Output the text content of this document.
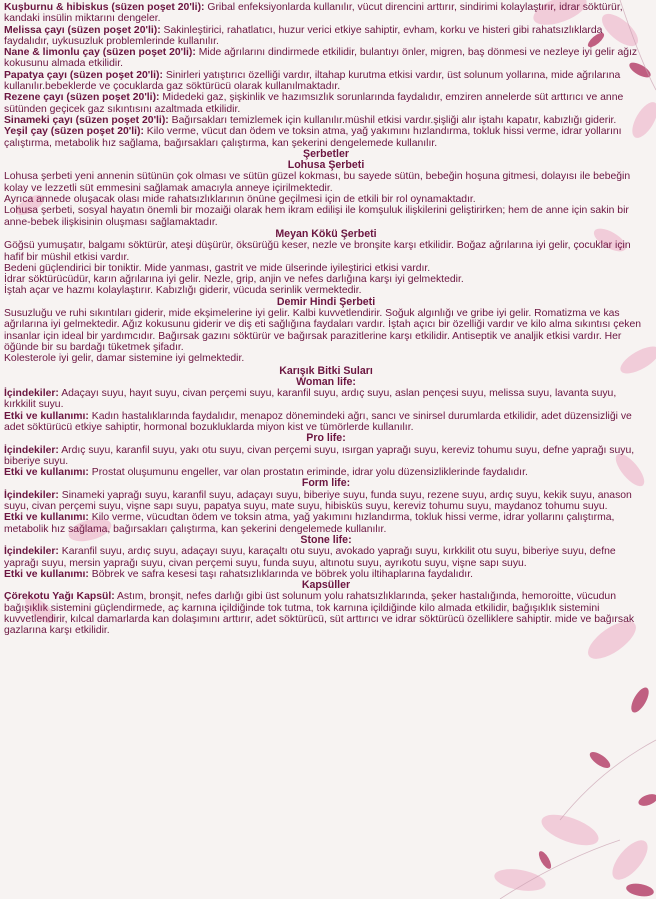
Kuşburnu & hibiskus (süzen poşet 20'li): Gribal enfeksiyonlarda kullanılır, vücut direncini arttırır, sindirimi kolaylaştırır, idrar söktürür, kandaki insülin miktarını dengeler.

Melissa çayı (süzen poşet 20'li): Sakinleştirici, rahatlatıcı, huzur verici etkiye sahiptir, evham, korku ve histeri gibi rahatsızlıklarda faydalıdır, uykusuzluk problemlerinde kullanılır.

Nane & limonlu çay (süzen poşet 20'li): Mide ağrılarını dindirmede etkilidir, bulantıyı önler, migren, baş dönmesi ve nezleye iyi gelir ağız kokusunu almada etkilidir.

Papatya çayı (süzen poşet 20'li): Sinirleri yatıştırıcı özelliği vardır, iltahap kurutma etkisi vardır, üst solunum yollarına, mide ağrılarına kullanılır.bebeklerde ve çocuklarda gaz söktürücü olarak kullanılmaktadır.

Rezene çayı (süzen poşet 20'li): Midedeki gaz, şişkinlik ve hazımsızlık sorunlarında faydalıdır, emziren annelerde süt arttırıcı ve anne sütünden geçicek gaz sıkıntısını azaltmada etkilidir.

Sinameki çayı (süzen poşet 20'li): Bağırsakları temizlemek için kullanılır.müshil etkisi vardır.şişliği alır iştahı kapatır, kabızlığı giderir.

Yeşil çay (süzen poşet 20'li): Kilo verme, vücut dan ödem ve toksin atma, yağ yakımını hızlandırma, tokluk hissi verme, idrar yollarını çalıştırma, metabolik hız sağlama, bağırsakları çalıştırma, kan şekerini dengelemede kullanılır.

Şerbetler

Lohusa Şerbeti

Lohusa şerbeti yeni annenin sütünün çok olması ve sütün güzel kokması, bu sayede sütün, bebeğin hoşuna gitmesi, dolayısı ile bebeğin kolay ve lezzetli süt emmesini sağlamak amacıyla anneye içirilmektedir.

Ayrıca annede oluşacak olası mide rahatsızlıklarının önüne geçilmesi için de etkili bir rol oynamaktadır.

Lohusa şerbeti, sosyal hayatın önemli bir mozaiği olarak hem ikram edilişi ile komşuluk ilişkilerini geliştirirken; hem de anne için sakin bir anne-bebek ilişkisinin oluşması sağlamaktadır.

Meyan Kökü Şerbeti

Göğsü yumuşatır, balgamı söktürür, ateşi düşürür, öksürüğü keser, nezle ve bronşite karşı etkilidir. Boğaz ağrılarına iyi gelir, çocuklar için hafif bir müshil etkisi vardır.

Bedeni güçlendirici bir toniktir. Mide yanması, gastrit ve mide ülserinde iyileştirici etkisi vardır.

İdrar söktürücüdür, karın ağrılarına iyi gelir. Nezle, grip, anjin ve nefes darlığına karşı iyi gelmektedir.

İştah açar ve hazmı kolaylaştırır. Kabızlığı giderir, vücuda serinlik vermektedir.

Demir Hindi Şerbeti

Susuzluğu ve ruhi sıkıntıları giderir, mide ekşimelerine iyi gelir. Kalbi kuvvetlendirir. Soğuk algınlığı ve gribe iyi gelir. Romatizma ve kas ağrılarına iyi gelmektedir. Ağız kokusunu giderir ve diş eti sağlığına faydaları vardır. İştah açıcı bir özelliği vardır ve kilo alma sıkıntısı çeken insanlar için ideal bir yardımcıdır. Bağırsak gazını söktürür ve bağırsak parazitlerine karşı etkilidir. Antiseptik ve analjik etkisi vardır. Her öğünde bir su bardağı tüketmek şifadır.

Kolesterole iyi gelir, damar sistemine iyi gelmektedir.

Karışık Bitki Suları

Woman life:

İçindekiler: Adaçayı suyu, hayıt suyu, civan perçemi suyu, karanfil suyu, ardıç suyu, aslan pençesi suyu, melissa suyu, lavanta suyu, kırkkilit suyu.

Etki ve kullanımı: Kadın hastalıklarında faydalıdır, menapoz dönemindeki ağrı, sancı ve sinirsel durumlarda etkilidir, adet düzensizliği ve adet söktürücü etkiye sahiptir, hormonal bozukluklarda miyon kist ve tümörlerde kullanılır.

Pro life:

İçindekiler: Ardıç suyu, karanfil suyu, yakı otu suyu, civan perçemi suyu, ısırgan yaprağı suyu, kereviz tohumu suyu, defne yaprağı suyu, biberiye suyu.

Etki ve kullanımı: Prostat oluşumunu engeller, var olan prostatın eriminde, idrar yolu düzensizliklerinde faydalıdır.

Form life:

İçindekiler: Sinameki yaprağı suyu, karanfil suyu, adaçayı suyu, biberiye suyu, funda suyu, rezene suyu, ardıç suyu, kekik suyu, anason suyu, civan perçemi suyu, vişne sapı suyu, papatya suyu, mate suyu, hibisküs suyu, kereviz tohumu suyu, maydanoz tohumu suyu.

Etki ve kullanımı: Kilo verme, vücudtan ödem ve toksin atma, yağ yakımını hızlandırma, tokluk hissi verme, idrar yollarını çalıştırma, metabolik hız sağlama, bağırsakları çalıştırma, kan şekerini dengelemede kullanılır.

Stone life:

İçindekiler: Karanfil suyu, ardıç suyu, adaçayı suyu, karaçaltı otu suyu, avokado yaprağı suyu, kırkkilit otu suyu, biberiye suyu, defne yaprağı suyu, mersin yaprağı suyu, civan perçemi suyu, funda suyu, altınotu suyu, ayrıkotu suyu, vişne sapı suyu.

Etki ve kullanımı: Böbrek ve safra kesesi taşı rahatsızlıklarında ve böbrek yolu iltihaplarına faydalıdır.

Kapsüller

Çörekotu Yağı Kapsül: Astım, bronşit, nefes darlığı gibi üst solunum yolu rahatsızlıklarında, şeker hastalığında, hemoroitte, vücudun bağışıklık sistemini güçlendirmede, aç karnına içildiğinde tok tutma, tok karnına içildiğinde kilo almada etkilidir, bağışıklık sistemini kuvvetlendirir, kılcal damarlarda kan dolaşımını arttırır, adet söktürücü, süt arttırıcı ve idrar söktürücü özelliklere sahiptir. mide ve bağırsak gazlarına karşı etkilidir.
